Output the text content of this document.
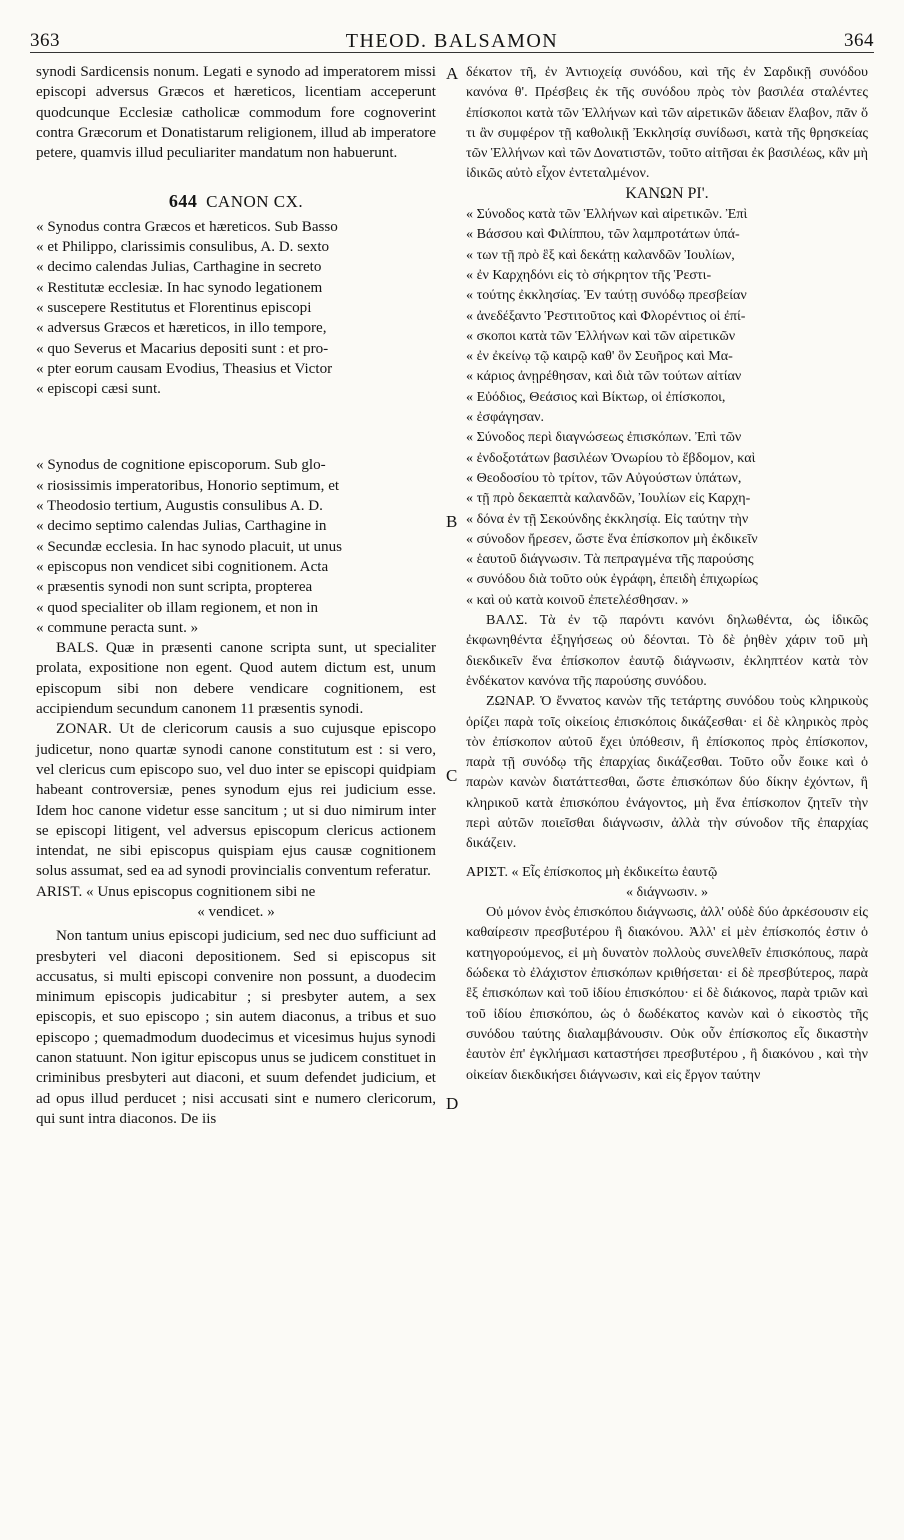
THEOD. BALSAMON
363	364
A
B
C
D

synodi Sardicensis nonum. Legati e synodo ad imperatorem missi episcopi adversus Græcos et hæreticos, licentiam acceperunt quodcunque Ecclesiæ catholicæ commodum fore cognoverint contra Græcorum et Donatistarum religionem, illud ab imperatore petere, quamvis illud peculiariter mandatum non habuerunt.

644 CANON CX.
« Synodus contra Græcos et hæreticos. Sub Basso
« et Philippo, clarissimis consulibus, A. D. sexto
« decimo calendas Julias, Carthagine in secreto
« Restitutæ ecclesiæ. In hac synodo legationem
« suscepere Restitutus et Florentinus episcopi
« adversus Græcos et hæreticos, in illo tempore,
« quo Severus et Macarius depositi sunt : et pro-
« pter eorum causam Evodius, Theasius et Victor
« episcopi cæsi sunt.
« Synodus de cognitione episcoporum. Sub glo-
« riosissimis imperatoribus, Honorio septimum, et
« Theodosio tertium, Augustis consulibus A. D.
« decimo septimo calendas Julias, Carthagine in
« Secundæ ecclesia. In hac synodo placuit, ut unus
« episcopus non vendicet sibi cognitionem. Acta
« præsentis synodi non sunt scripta, propterea
« quod specialiter ob illam regionem, et non in
« commune peracta sunt. »

BALS. Quæ in præsenti canone scripta sunt, ut specialiter prolata, expositione non egent. Quod autem dictum est, unum episcopum sibi non debere vendicare cognitionem, est accipiendum secundum canonem 11 præsentis synodi.

ZONAR. Ut de clericorum causis a suo cujusque episcopo judicetur, nono quartæ synodi canone constitutum est : si vero, vel clericus cum episcopo suo, vel duo inter se episcopi quidpiam habeant controversiæ, penes synodum ejus rei judicium esse. Idem hoc canone videtur esse sancitum ; ut si duo nimirum inter se episcopi litigent, vel adversus episcopum clericus actionem intendat, ne sibi episcopus quispiam ejus causæ cognitionem solus assumat, sed ea ad synodi provincialis conventum referatur.

ARIST. « Unus episcopus cognitionem sibi ne
« vendicet. »

Non tantum unius episcopi judicium, sed nec duo sufficiunt ad presbyteri vel diaconi depositionem. Sed si episcopus sit accusatus, si multi episcopi convenire non possunt, a duodecim minimum episcopis judicabitur ; si presbyter autem, a sex episcopis, et suo episcopo ; sin autem diaconus, a tribus et suo episcopo ; quemadmodum duodecimus et vicesimus hujus synodi canon statuunt. Non igitur episcopus unus se judicem constituet in criminibus presbyteri aut diaconi, et suum defendet judicium, et ad opus illud perducet ; nisi accusati sint e numero clericorum, qui sunt intra diaconos. De iis

δέκατον τῆ, ἐν Ἀντιοχείᾳ συνόδου, καὶ τῆς ἐν Σαρδικῇ συνόδου κανόνα θ'. Πρέσβεις ἐκ τῆς συνόδου πρὸς τὸν βασιλέα σταλέντες ἐπίσκοποι κατὰ τῶν Ἑλλήνων καὶ τῶν αἱρετικῶν ἄδειαν ἔλαβον, πᾶν ὅ τι ἂν συμφέρον τῇ καθολικῇ Ἐκκλησίᾳ συνίδωσι, κατὰ τῆς θρησκείας τῶν Ἑλλήνων καὶ τῶν Δονατιστῶν, τοῦτο αἰτῆσαι ἐκ βασιλέως, κἂν μὴ ἰδικῶς αὐτὸ εἶχον ἐντεταλμένον.

ΚΑΝΩΝ ΡΙ'.
« Σύνοδος κατὰ τῶν Ἑλλήνων καὶ αἱρετικῶν. Ἐπὶ
« Βάσσου καὶ Φιλίππου, τῶν λαμπροτάτων ὑπά-
« των τῇ πρὸ ἓξ καὶ δεκάτῃ καλανδῶν Ἰουλίων,
« ἐν Καρχηδόνι εἰς τὸ σήκρητον τῆς Ῥεστι-
« τούτης ἐκκλησίας. Ἐν ταύτῃ συνόδῳ πρεσβείαν
« ἀνεδέξαντο Ῥεστιτοῦτος καὶ Φλορέντιος οἱ ἐπί-
« σκοποι κατὰ τῶν Ἑλλήνων καὶ τῶν αἱρετικῶν
« ἐν ἐκείνῳ τῷ καιρῷ καθ' ὃν Σευῆρος καὶ Μα-
« κάριος ἀνῃρέθησαν, καὶ διὰ τῶν τούτων αἰτίαν
« Εὐόδιος, Θεάσιος καὶ Βίκτωρ, οἱ ἐπίσκοποι,
« ἐσφάγησαν.
« Σύνοδος περὶ διαγνώσεως ἐπισκόπων. Ἐπὶ τῶν
« ἐνδοξοτάτων βασιλέων Ὀνωρίου τὸ ἕβδομον, καὶ
« Θεοδοσίου τὸ τρίτον, τῶν Αὐγούστων ὑπάτων,
« τῇ πρὸ δεκαεπτὰ καλανδῶν, Ἰουλίων εἰς Καρχη-
« δόνα ἐν τῇ Σεκούνδης ἐκκλησίᾳ. Εἰς ταύτην τὴν
« σύνοδον ἤρεσεν, ὥστε ἕνα ἐπίσκοπον μὴ ἐκδικεῖν
« ἑαυτοῦ διάγνωσιν. Τὰ πεπραγμένα τῆς παρούσης
« συνόδου διὰ τοῦτο οὐκ ἐγράφη, ἐπειδὴ ἐπιχωρίως
« καὶ οὐ κατὰ κοινοῦ ἐπετελέσθησαν. »

ΒΑΛΣ. Τὰ ἐν τῷ παρόντι κανόνι δηλωθέντα, ὡς ἰδικῶς ἐκφωνηθέντα ἐξηγήσεως οὐ δέονται. Τὸ δὲ ῥηθὲν χάριν τοῦ μὴ διεκδικεῖν ἕνα ἐπίσκοπον ἑαυτῷ διάγνωσιν, ἐκληπτέον κατὰ τὸν ἑνδέκατον κανόνα τῆς παρούσης συνόδου.

ΖΩΝΑΡ. Ὁ ἔννατος κανὼν τῆς τετάρτης συνόδου τοὺς κληρικοὺς ὁρίζει παρὰ τοῖς οἰκείοις ἐπισκόποις δικάζεσθαι· εἰ δὲ κληρικὸς πρὸς τὸν ἐπίσκοπον αὐτοῦ ἔχει ὑπόθεσιν, ἢ ἐπίσκοπος πρὸς ἐπίσκοπον, παρὰ τῇ συνόδῳ τῆς ἐπαρχίας δικάζεσθαι. Τοῦτο οὖν ἔοικε καὶ ὁ παρὼν κανὼν διατάττεσθαι, ὥστε ἐπισκόπων δύο δίκην ἐχόντων, ἢ κληρικοῦ κατὰ ἐπισκόπου ἐνάγοντος, μὴ ἕνα ἐπίσκοπον ζητεῖν τὴν περὶ αὐτῶν ποιεῖσθαι διάγνωσιν, ἀλλὰ τὴν σύνοδον τῆς ἐπαρχίας δικάζειν.

ΑΡΙΣΤ. « Εἷς ἐπίσκοπος μὴ ἐκδικείτω ἑαυτῷ
« διάγνωσιν. »

Οὐ μόνον ἑνὸς ἐπισκόπου διάγνωσις, ἀλλ' οὐδὲ δύο ἀρκέσουσιν εἰς καθαίρεσιν πρεσβυτέρου ἢ διακόνου. Ἀλλ' εἰ μὲν ἐπίσκοπός ἐστιν ὁ κατηγορούμενος, εἰ μὴ δυνατὸν πολλοὺς συνελθεῖν ἐπισκόπους, παρὰ δώδεκα τὸ ἐλάχιστον ἐπισκόπων κριθήσεται· εἰ δὲ πρεσβύτερος, παρὰ ἓξ ἐπισκόπων καὶ τοῦ ἰδίου ἐπισκόπου· εἰ δὲ διάκονος, παρὰ τριῶν καὶ τοῦ ἰδίου ἐπισκόπου, ὡς ὁ δωδέκατος κανὼν καὶ ὁ εἰκοστὸς τῆς συνόδου ταύτης διαλαμβάνουσιν. Οὐκ οὖν ἐπίσκοπος εἷς δικαστὴν ἑαυτὸν ἐπ' ἐγκλήμασι καταστήσει πρεσβυτέρου , ἢ διακόνου , καὶ τὴν οἰκείαν διεκδικήσει διάγνωσιν, καὶ εἰς ἔργον ταύτην
